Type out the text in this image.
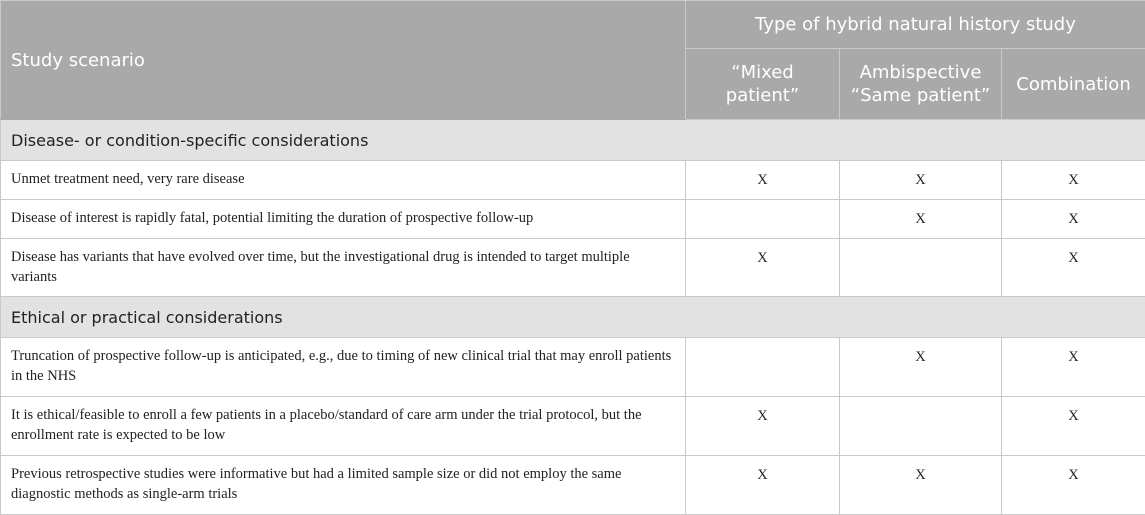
Study scenario	Type of hybrid natural history study		
	“Mixed patient”	Ambispective “Same patient”	Combination
Disease- or condition-specific considerations			
Unmet treatment need, very rare disease	X	X	X
Disease of interest is rapidly fatal, potential limiting the duration of prospective follow-up		X	X
Disease has variants that have evolved over time, but the investigational drug is intended to target multiple variants	X		X
Ethical or practical considerations			
Truncation of prospective follow-up is anticipated, e.g., due to timing of new clinical trial that may enroll patients in the NHS		X	X
It is ethical/feasible to enroll a few patients in a placebo/standard of care arm under the trial protocol, but the enrollment rate is expected to be low	X		X
Previous retrospective studies were informative but had a limited sample size or did not employ the same diagnostic methods as single-arm trials	X	X	X
